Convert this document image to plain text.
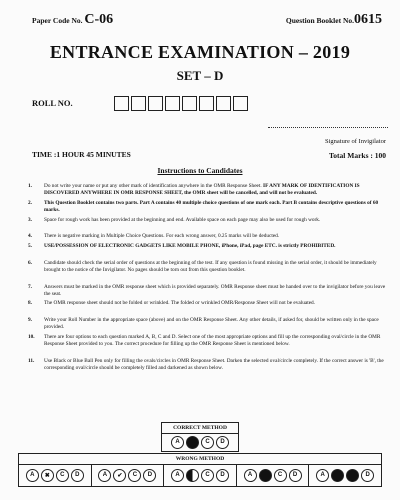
Paper Code No. C-06	Question Booklet No.0615
ENTRANCE EXAMINATION – 2019
SET – D
ROLL NO.
Signature of Invigilator
TIME :1 HOUR 45 MINUTES	Total Marks : 100
Instructions to Candidates
1. Do not write your name or put any other mark of identification anywhere in the OMR Response Sheet. IF ANY MARK OF IDENTIFICATION IS DISCOVERED ANYWHERE IN OMR RESPONSE SHEET, the OMR sheet will be cancelled, and will not be evaluated.
2. This Question Booklet contains two parts. Part A contains 40 multiple choice questions of one mark each. Part B contains descriptive questions of 60 marks.
3. Space for rough work has been provided at the beginning and end. Available space on each page may also be used for rough work.
4. There is negative marking in Multiple Choice Questions. For each wrong answer, 0.25 marks will be deducted.
5. USE/POSSESSION OF ELECTRONIC GADGETS LIKE MOBILE PHONE, iPhone, iPad, page ETC. is strictly PROHIBITED.
6. Candidate should check the serial order of questions at the beginning of the test. If any question is found missing in the serial order, it should be immediately brought to the notice of the Invigilator. No pages should be torn out from this question booklet.
7. Answers must be marked in the OMR response sheet which is provided separately. OMR Response sheet must be handed over to the invigilator before you leave the seat.
8. The OMR response sheet should not be folded or wrinkled. The folded or wrinkled OMR/Response Sheet will not be evaluated.
9. Write your Roll Number in the appropriate space (above) and on the OMR Response Sheet. Any other details, if asked for, should be written only in the space provided.
10. There are four options to each question marked A, B, C and D. Select one of the most appropriate options and fill up the corresponding oval/circle in the OMR Response Sheet provided to you. The correct procedure for filling up the OMR Response Sheet is mentioned below.
11. Use Black or Blue Ball Pen only for filling the ovals/circles in OMR Response Sheet. Darken the selected oval/circle completely. If the correct answer is 'B', the corresponding oval/circle should be completely filled and darkened as shown below.
CORRECT METHOD
A	C	D
WRONG METHOD
A	✖	C	D	A	✔	C	D	A	C	D	A	C	D	A	D
